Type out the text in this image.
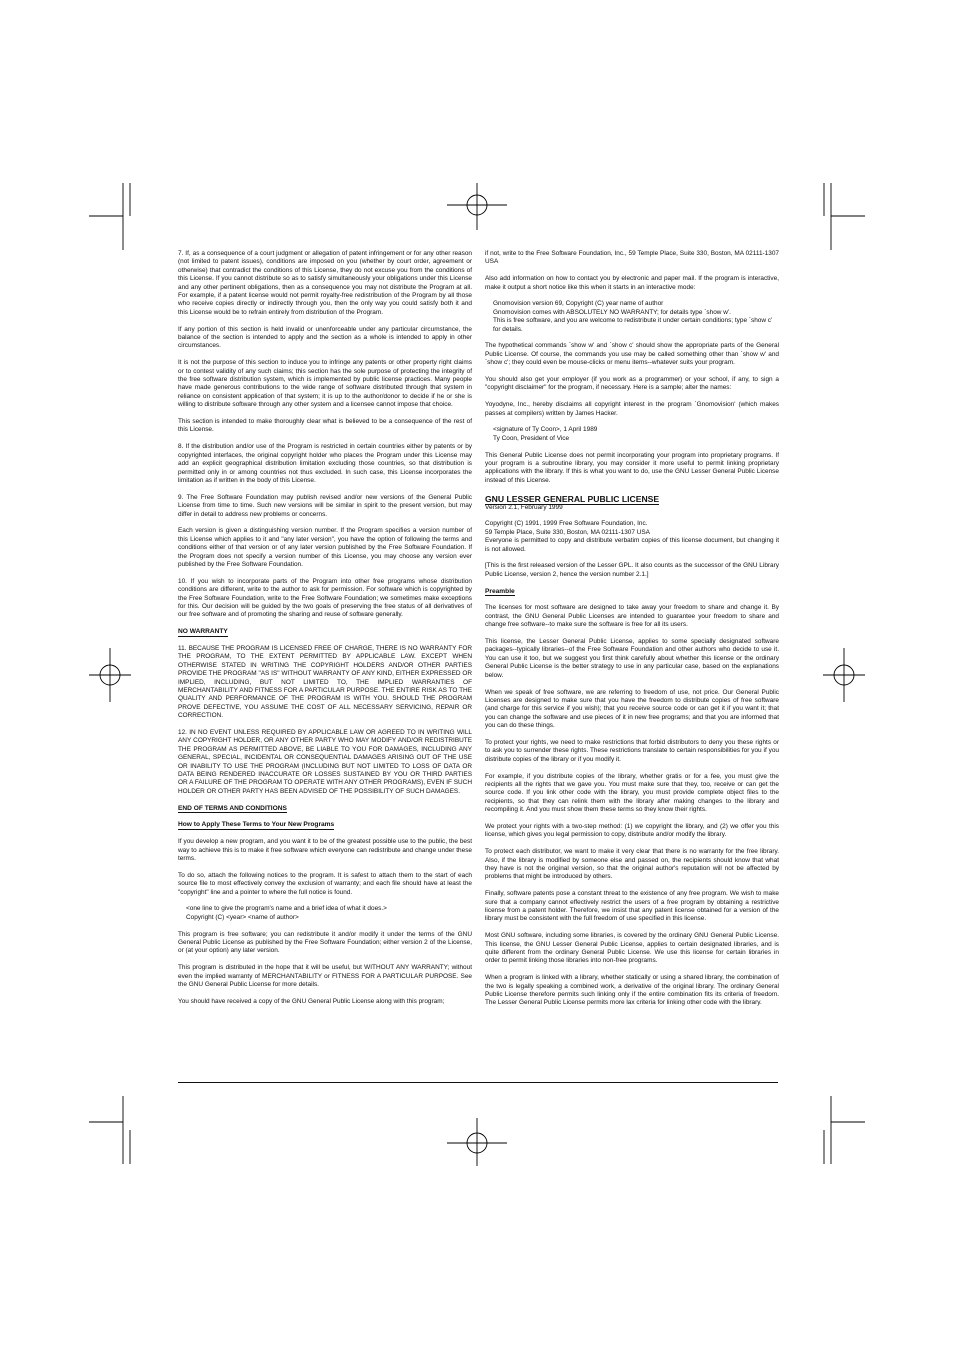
7. If, as a consequence of a court judgment or allegation of patent infringement or for any other reason (not limited to patent issues), conditions are imposed on you (whether by court order, agreement or otherwise) that contradict the conditions of this License, they do not excuse you from the conditions of this License. If you cannot distribute so as to satisfy simultaneously your obligations under this License and any other pertinent obligations, then as a consequence you may not distribute the Program at all. For example, if a patent license would not permit royalty-free redistribution of the Program by all those who receive copies directly or indirectly through you, then the only way you could satisfy both it and this License would be to refrain entirely from distribution of the Program.

If any portion of this section is held invalid or unenforceable under any particular circumstance, the balance of the section is intended to apply and the section as a whole is intended to apply in other circumstances.

It is not the purpose of this section to induce you to infringe any patents or other property right claims or to contest validity of any such claims; this section has the sole purpose of protecting the integrity of the free software distribution system, which is implemented by public license practices. Many people have made generous contributions to the wide range of software distributed through that system in reliance on consistent application of that system; it is up to the author/donor to decide if he or she is willing to distribute software through any other system and a licensee cannot impose that choice.

This section is intended to make thoroughly clear what is believed to be a consequence of the rest of this License.

8. If the distribution and/or use of the Program is restricted in certain countries either by patents or by copyrighted interfaces, the original copyright holder who places the Program under this License may add an explicit geographical distribution limitation excluding those countries, so that distribution is permitted only in or among countries not thus excluded. In such case, this License incorporates the limitation as if written in the body of this License.

9. The Free Software Foundation may publish revised and/or new versions of the General Public License from time to time. Such new versions will be similar in spirit to the present version, but may differ in detail to address new problems or concerns.

Each version is given a distinguishing version number. If the Program specifies a version number of this License which applies to it and "any later version", you have the option of following the terms and conditions either of that version or of any later version published by the Free Software Foundation. If the Program does not specify a version number of this License, you may choose any version ever published by the Free Software Foundation.

10. If you wish to incorporate parts of the Program into other free programs whose distribution conditions are different, write to the author to ask for permission. For software which is copyrighted by the Free Software Foundation, write to the Free Software Foundation; we sometimes make exceptions for this. Our decision will be guided by the two goals of preserving the free status of all derivatives of our free software and of promoting the sharing and reuse of software generally.

NO WARRANTY

11. BECAUSE THE PROGRAM IS LICENSED FREE OF CHARGE, THERE IS NO WARRANTY FOR THE PROGRAM, TO THE EXTENT PERMITTED BY APPLICABLE LAW. EXCEPT WHEN OTHERWISE STATED IN WRITING THE COPYRIGHT HOLDERS AND/OR OTHER PARTIES PROVIDE THE PROGRAM "AS IS" WITHOUT WARRANTY OF ANY KIND, EITHER EXPRESSED OR IMPLIED, INCLUDING, BUT NOT LIMITED TO, THE IMPLIED WARRANTIES OF MERCHANTABILITY AND FITNESS FOR A PARTICULAR PURPOSE. THE ENTIRE RISK AS TO THE QUALITY AND PERFORMANCE OF THE PROGRAM IS WITH YOU. SHOULD THE PROGRAM PROVE DEFECTIVE, YOU ASSUME THE COST OF ALL NECESSARY SERVICING, REPAIR OR CORRECTION.

12. IN NO EVENT UNLESS REQUIRED BY APPLICABLE LAW OR AGREED TO IN WRITING WILL ANY COPYRIGHT HOLDER, OR ANY OTHER PARTY WHO MAY MODIFY AND/OR REDISTRIBUTE THE PROGRAM AS PERMITTED ABOVE, BE LIABLE TO YOU FOR DAMAGES, INCLUDING ANY GENERAL, SPECIAL, INCIDENTAL OR CONSEQUENTIAL DAMAGES ARISING OUT OF THE USE OR INABILITY TO USE THE PROGRAM (INCLUDING BUT NOT LIMITED TO LOSS OF DATA OR DATA BEING RENDERED INACCURATE OR LOSSES SUSTAINED BY YOU OR THIRD PARTIES OR A FAILURE OF THE PROGRAM TO OPERATE WITH ANY OTHER PROGRAMS), EVEN IF SUCH HOLDER OR OTHER PARTY HAS BEEN ADVISED OF THE POSSIBILITY OF SUCH DAMAGES.

END OF TERMS AND CONDITIONS
How to Apply These Terms to Your New Programs

If you develop a new program, and you want it to be of the greatest possible use to the public, the best way to achieve this is to make it free software which everyone can redistribute and change under these terms.

To do so, attach the following notices to the program. It is safest to attach them to the start of each source file to most effectively convey the exclusion of warranty; and each file should have at least the "copyright" line and a pointer to where the full notice is found.

<one line to give the program's name and a brief idea of what it does.>
Copyright (C) <year> <name of author>

This program is free software; you can redistribute it and/or modify it under the terms of the GNU General Public License as published by the Free Software Foundation; either version 2 of the License, or (at your option) any later version.

This program is distributed in the hope that it will be useful, but WITHOUT ANY WARRANTY; without even the implied warranty of MERCHANTABILITY or FITNESS FOR A PARTICULAR PURPOSE. See the GNU General Public License for more details.

You should have received a copy of the GNU General Public License along with this program;

if not, write to the Free Software Foundation, Inc., 59 Temple Place, Suite 330, Boston, MA 02111-1307 USA

Also add information on how to contact you by electronic and paper mail. If the program is interactive, make it output a short notice like this when it starts in an interactive mode:

Gnomovision version 69, Copyright (C) year name of author
Gnomovision comes with ABSOLUTELY NO WARRANTY; for details type `show w'.
This is free software, and you are welcome to redistribute it under certain conditions; type `show c' for details.

The hypothetical commands `show w' and `show c' should show the appropriate parts of the General Public License. Of course, the commands you use may be called something other than `show w' and `show c'; they could even be mouse-clicks or menu items--whatever suits your program.

You should also get your employer (if you work as a programmer) or your school, if any, to sign a "copyright disclaimer" for the program, if necessary. Here is a sample; alter the names:

Yoyodyne, Inc., hereby disclaims all copyright interest in the program `Gnomovision' (which makes passes at compilers) written by James Hacker.

<signature of Ty Coon>, 1 April 1989
Ty Coon, President of Vice

This General Public License does not permit incorporating your program into proprietary programs. If your program is a subroutine library, you may consider it more useful to permit linking proprietary applications with the library. If this is what you want to do, use the GNU Lesser General Public License instead of this License.

GNU LESSER GENERAL PUBLIC LICENSE

Version 2.1, February 1999

Copyright (C) 1991, 1999 Free Software Foundation, Inc.
59 Temple Place, Suite 330, Boston, MA 02111-1307 USA
Everyone is permitted to copy and distribute verbatim copies of this license document, but changing it is not allowed.

[This is the first released version of the Lesser GPL. It also counts as the successor of the GNU Library Public License, version 2, hence the version number 2.1.]

Preamble

The licenses for most software are designed to take away your freedom to share and change it. By contrast, the GNU General Public Licenses are intended to guarantee your freedom to share and change free software--to make sure the software is free for all its users.

This license, the Lesser General Public License, applies to some specially designated software packages--typically libraries--of the Free Software Foundation and other authors who decide to use it. You can use it too, but we suggest you first think carefully about whether this license or the ordinary General Public License is the better strategy to use in any particular case, based on the explanations below.

When we speak of free software, we are referring to freedom of use, not price. Our General Public Licenses are designed to make sure that you have the freedom to distribute copies of free software (and charge for this service if you wish); that you receive source code or can get it if you want it; that you can change the software and use pieces of it in new free programs; and that you are informed that you can do these things.

To protect your rights, we need to make restrictions that forbid distributors to deny you these rights or to ask you to surrender these rights. These restrictions translate to certain responsibilities for you if you distribute copies of the library or if you modify it.

For example, if you distribute copies of the library, whether gratis or for a fee, you must give the recipients all the rights that we gave you. You must make sure that they, too, receive or can get the source code. If you link other code with the library, you must provide complete object files to the recipients, so that they can relink them with the library after making changes to the library and recompiling it. And you must show them these terms so they know their rights.

We protect your rights with a two-step method: (1) we copyright the library, and (2) we offer you this license, which gives you legal permission to copy, distribute and/or modify the library.

To protect each distributor, we want to make it very clear that there is no warranty for the free library. Also, if the library is modified by someone else and passed on, the recipients should know that what they have is not the original version, so that the original author's reputation will not be affected by problems that might be introduced by others.

Finally, software patents pose a constant threat to the existence of any free program. We wish to make sure that a company cannot effectively restrict the users of a free program by obtaining a restrictive license from a patent holder. Therefore, we insist that any patent license obtained for a version of the library must be consistent with the full freedom of use specified in this license.

Most GNU software, including some libraries, is covered by the ordinary GNU General Public License. This license, the GNU Lesser General Public License, applies to certain designated libraries, and is quite different from the ordinary General Public License. We use this license for certain libraries in order to permit linking those libraries into non-free programs.

When a program is linked with a library, whether statically or using a shared library, the combination of the two is legally speaking a combined work, a derivative of the original library. The ordinary General Public License therefore permits such linking only if the entire combination fits its criteria of freedom. The Lesser General Public License permits more lax criteria for linking other code with the library.
